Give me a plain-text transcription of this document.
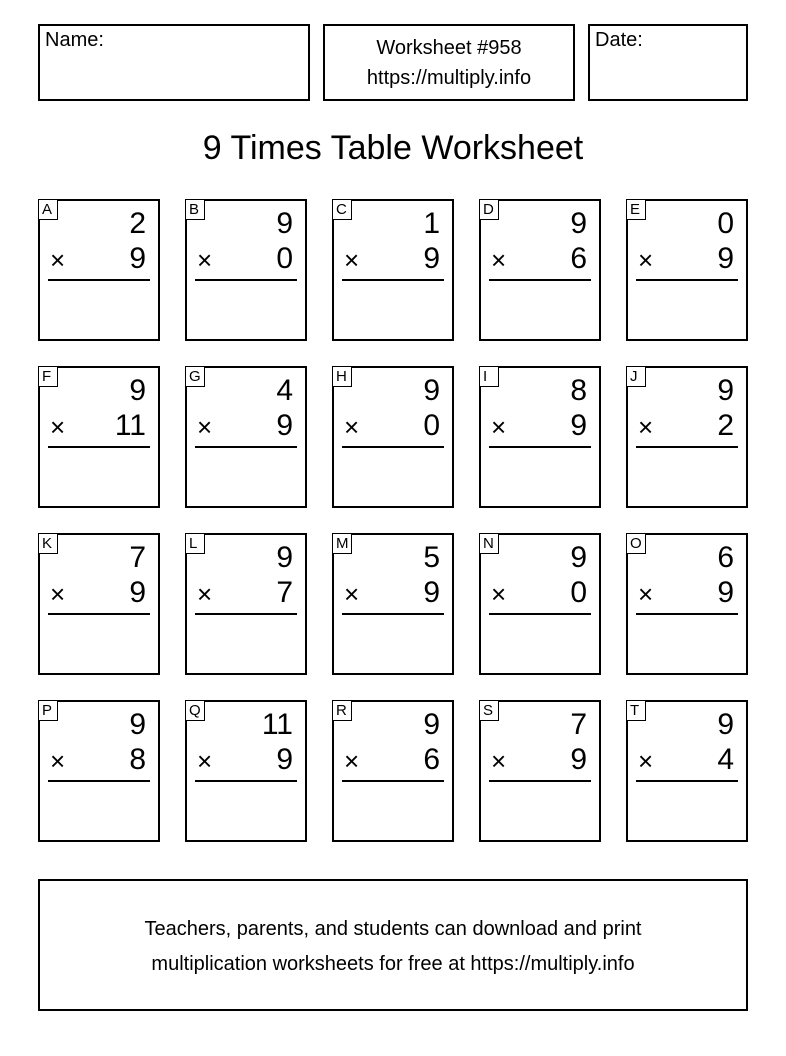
Name:	Worksheet #958
https://multiply.info
Date:
9 Times Table Worksheet
A	2
× 9
B	9
× 0
C	1
× 9
D	9
× 6
E	0
× 9
F	9
× 11
G	4
× 9
H	9
× 0
I	8
× 9
J	9
× 2
K	7
× 9
L	9
× 7
M 5
× 9
N	9
× 0
O	6
× 9
P	9
× 8
Q 11
× 9
R	9
× 6
S	7
× 9
T	9
× 4
Teachers, parents, and students can download and print
multiplication worksheets for free at https://multiply.info
